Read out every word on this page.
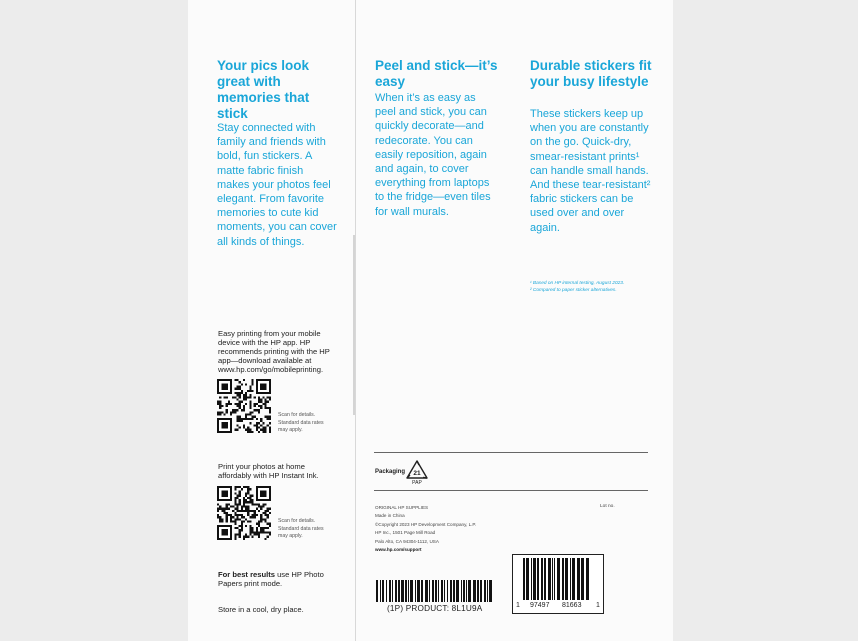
Your pics look great with memories that stick

Stay connected with family and friends with bold, fun stickers. A matte fabric finish makes your photos feel elegant. From favorite memories to cute kid moments, you can cover all kinds of things.

Easy printing from your mobile device with the HP app. HP recommends printing with the HP app—download available at www.hp.com/go/mobileprinting.

Scan for details. Standard data rates may apply.

Print your photos at home affordably with HP Instant Ink.

Scan for details. Standard data rates may apply.

For best results use HP Photo Papers print mode.

Store in a cool, dry place.

Peel and stick—it’s easy

When it’s as easy as peel and stick, you can quickly decorate—and redecorate. You can easily reposition, again and again, to cover everything from laptops to the fridge—even tiles for wall murals.

Durable stickers fit your busy lifestyle

These stickers keep up when you are constantly on the go. Quick-dry, smear-resistant prints¹ can handle small hands. And these tear-resistant² fabric stickers can be used over and over again.

¹ Based on HP internal testing, August 2023.

² Compared to paper sticker alternatives.

Packaging 21
PAP
ORIGINAL HP SUPPLIES
Made in China
©Copyright 2023 HP Development Company, L.P.
HP Inc., 1501 Page Mill Road
Palo Alto, CA 94304-1112, USA
www.hp.com/support
Lot no.
(1P) PRODUCT: 8L1U9A	1 97497 81663 1
